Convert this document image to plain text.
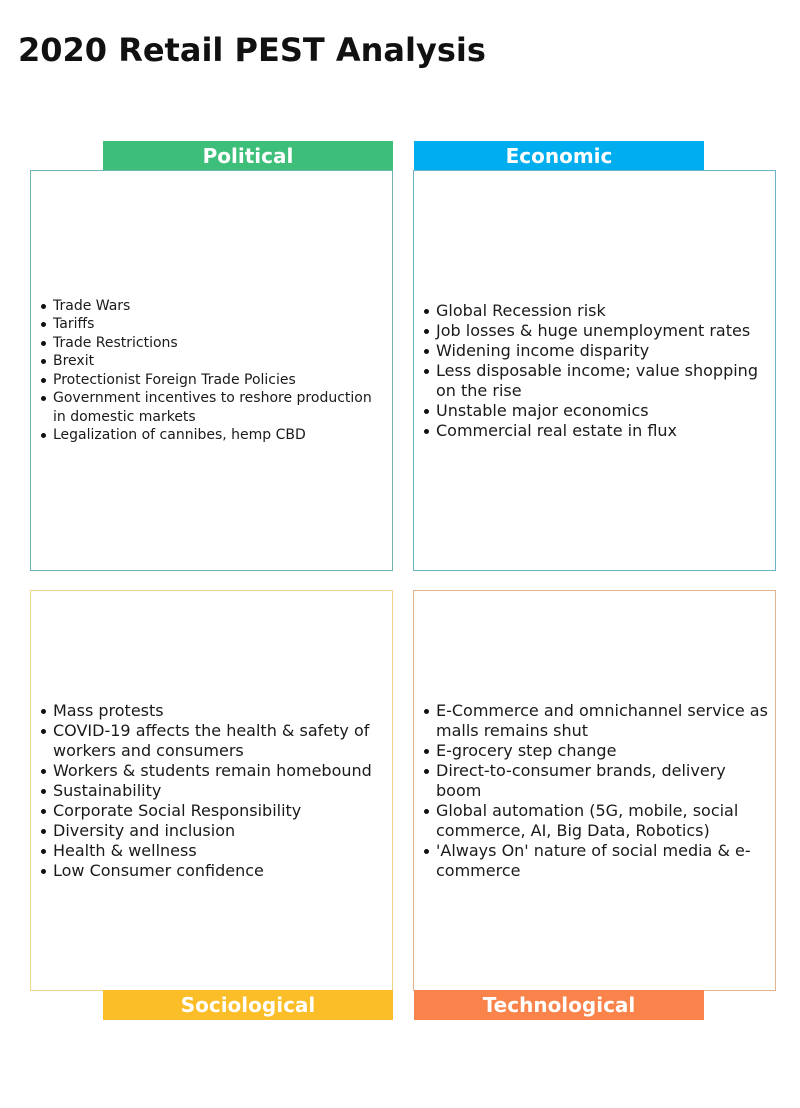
2020 Retail PEST Analysis
Political
Trade Wars
Tariffs
Trade Restrictions
Brexit
Protectionist Foreign Trade Policies
Government incentives to reshore production in domestic markets
Legalization of cannibes, hemp CBD
Economic
Global Recession risk
Job losses & huge unemployment rates
Widening income disparity
Less disposable income; value shopping on the rise
Unstable major economics
Commercial real estate in flux
Mass protests
COVID-19 affects the health & safety of workers and consumers
Workers & students remain homebound
Sustainability
Corporate Social Responsibility
Diversity and inclusion
Health & wellness
Low Consumer confidence
Sociological
E-Commerce and omnichannel service as malls remains shut
E-grocery step change
Direct-to-consumer brands, delivery boom
Global automation (5G, mobile, social commerce, AI, Big Data, Robotics)
'Always On' nature of social media & e-commerce
Technological
